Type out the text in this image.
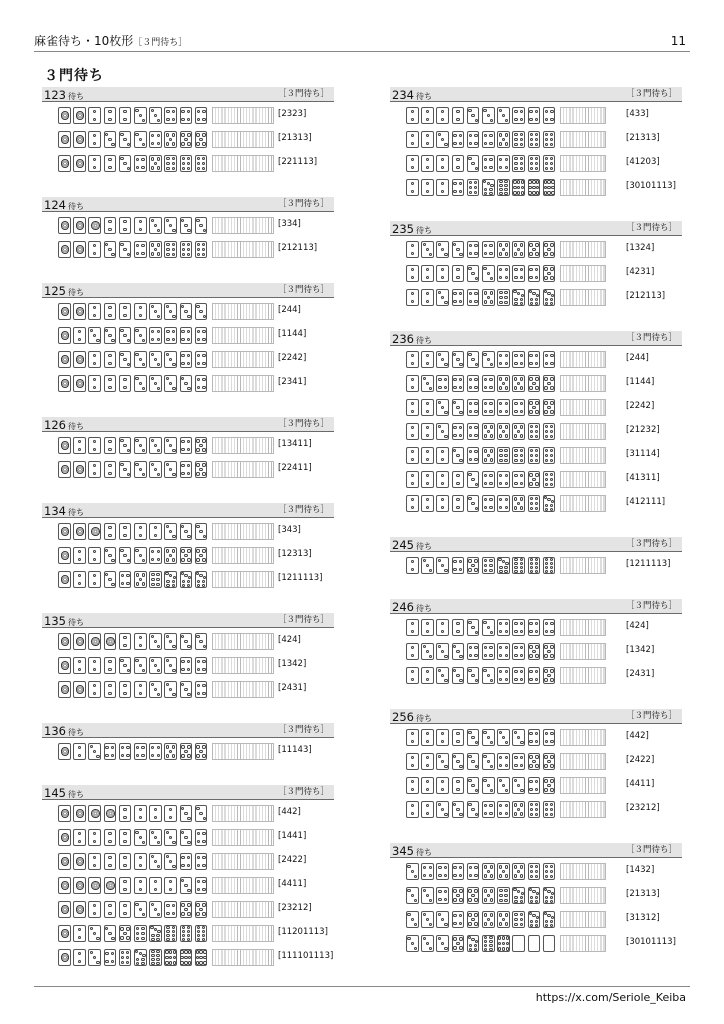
麻雀待ち・10枚形［３門待ち］	11
３門待ち
123 待ち	［３門待ち］
[2323]
[21313]
[221113]
124 待ち	［３門待ち］
[334]
[212113]
125 待ち	［３門待ち］
[244]
[1144]
[2242]
[2341]
126 待ち	［３門待ち］
[13411]
[22411]
134 待ち	［３門待ち］
[343]
[12313]
[1211113]
135 待ち	［３門待ち］
[424]
[1342]
[2431]
136 待ち	［３門待ち］
[11143]
145 待ち	［３門待ち］
[442]
[1441]
[2422]
[4411]
[23212]
[11201113]
[111101113]
234 待ち	［３門待ち］
[433]
[21313]
[41203]
[30101113]
235 待ち	［３門待ち］
[1324]
[4231]
[212113]
236 待ち	［３門待ち］
[244]
[1144]
[2242]
[21232]
[31114]
[41311]
[412111]
245 待ち	［３門待ち］
[1211113]
246 待ち	［３門待ち］
[424]
[1342]
[2431]
256 待ち	［３門待ち］
[442]
[2422]
[4411]
[23212]
345 待ち	［３門待ち］
[1432]
[21313]
[31312]
[30101113]
https://x.com/Seriole_Keiba
